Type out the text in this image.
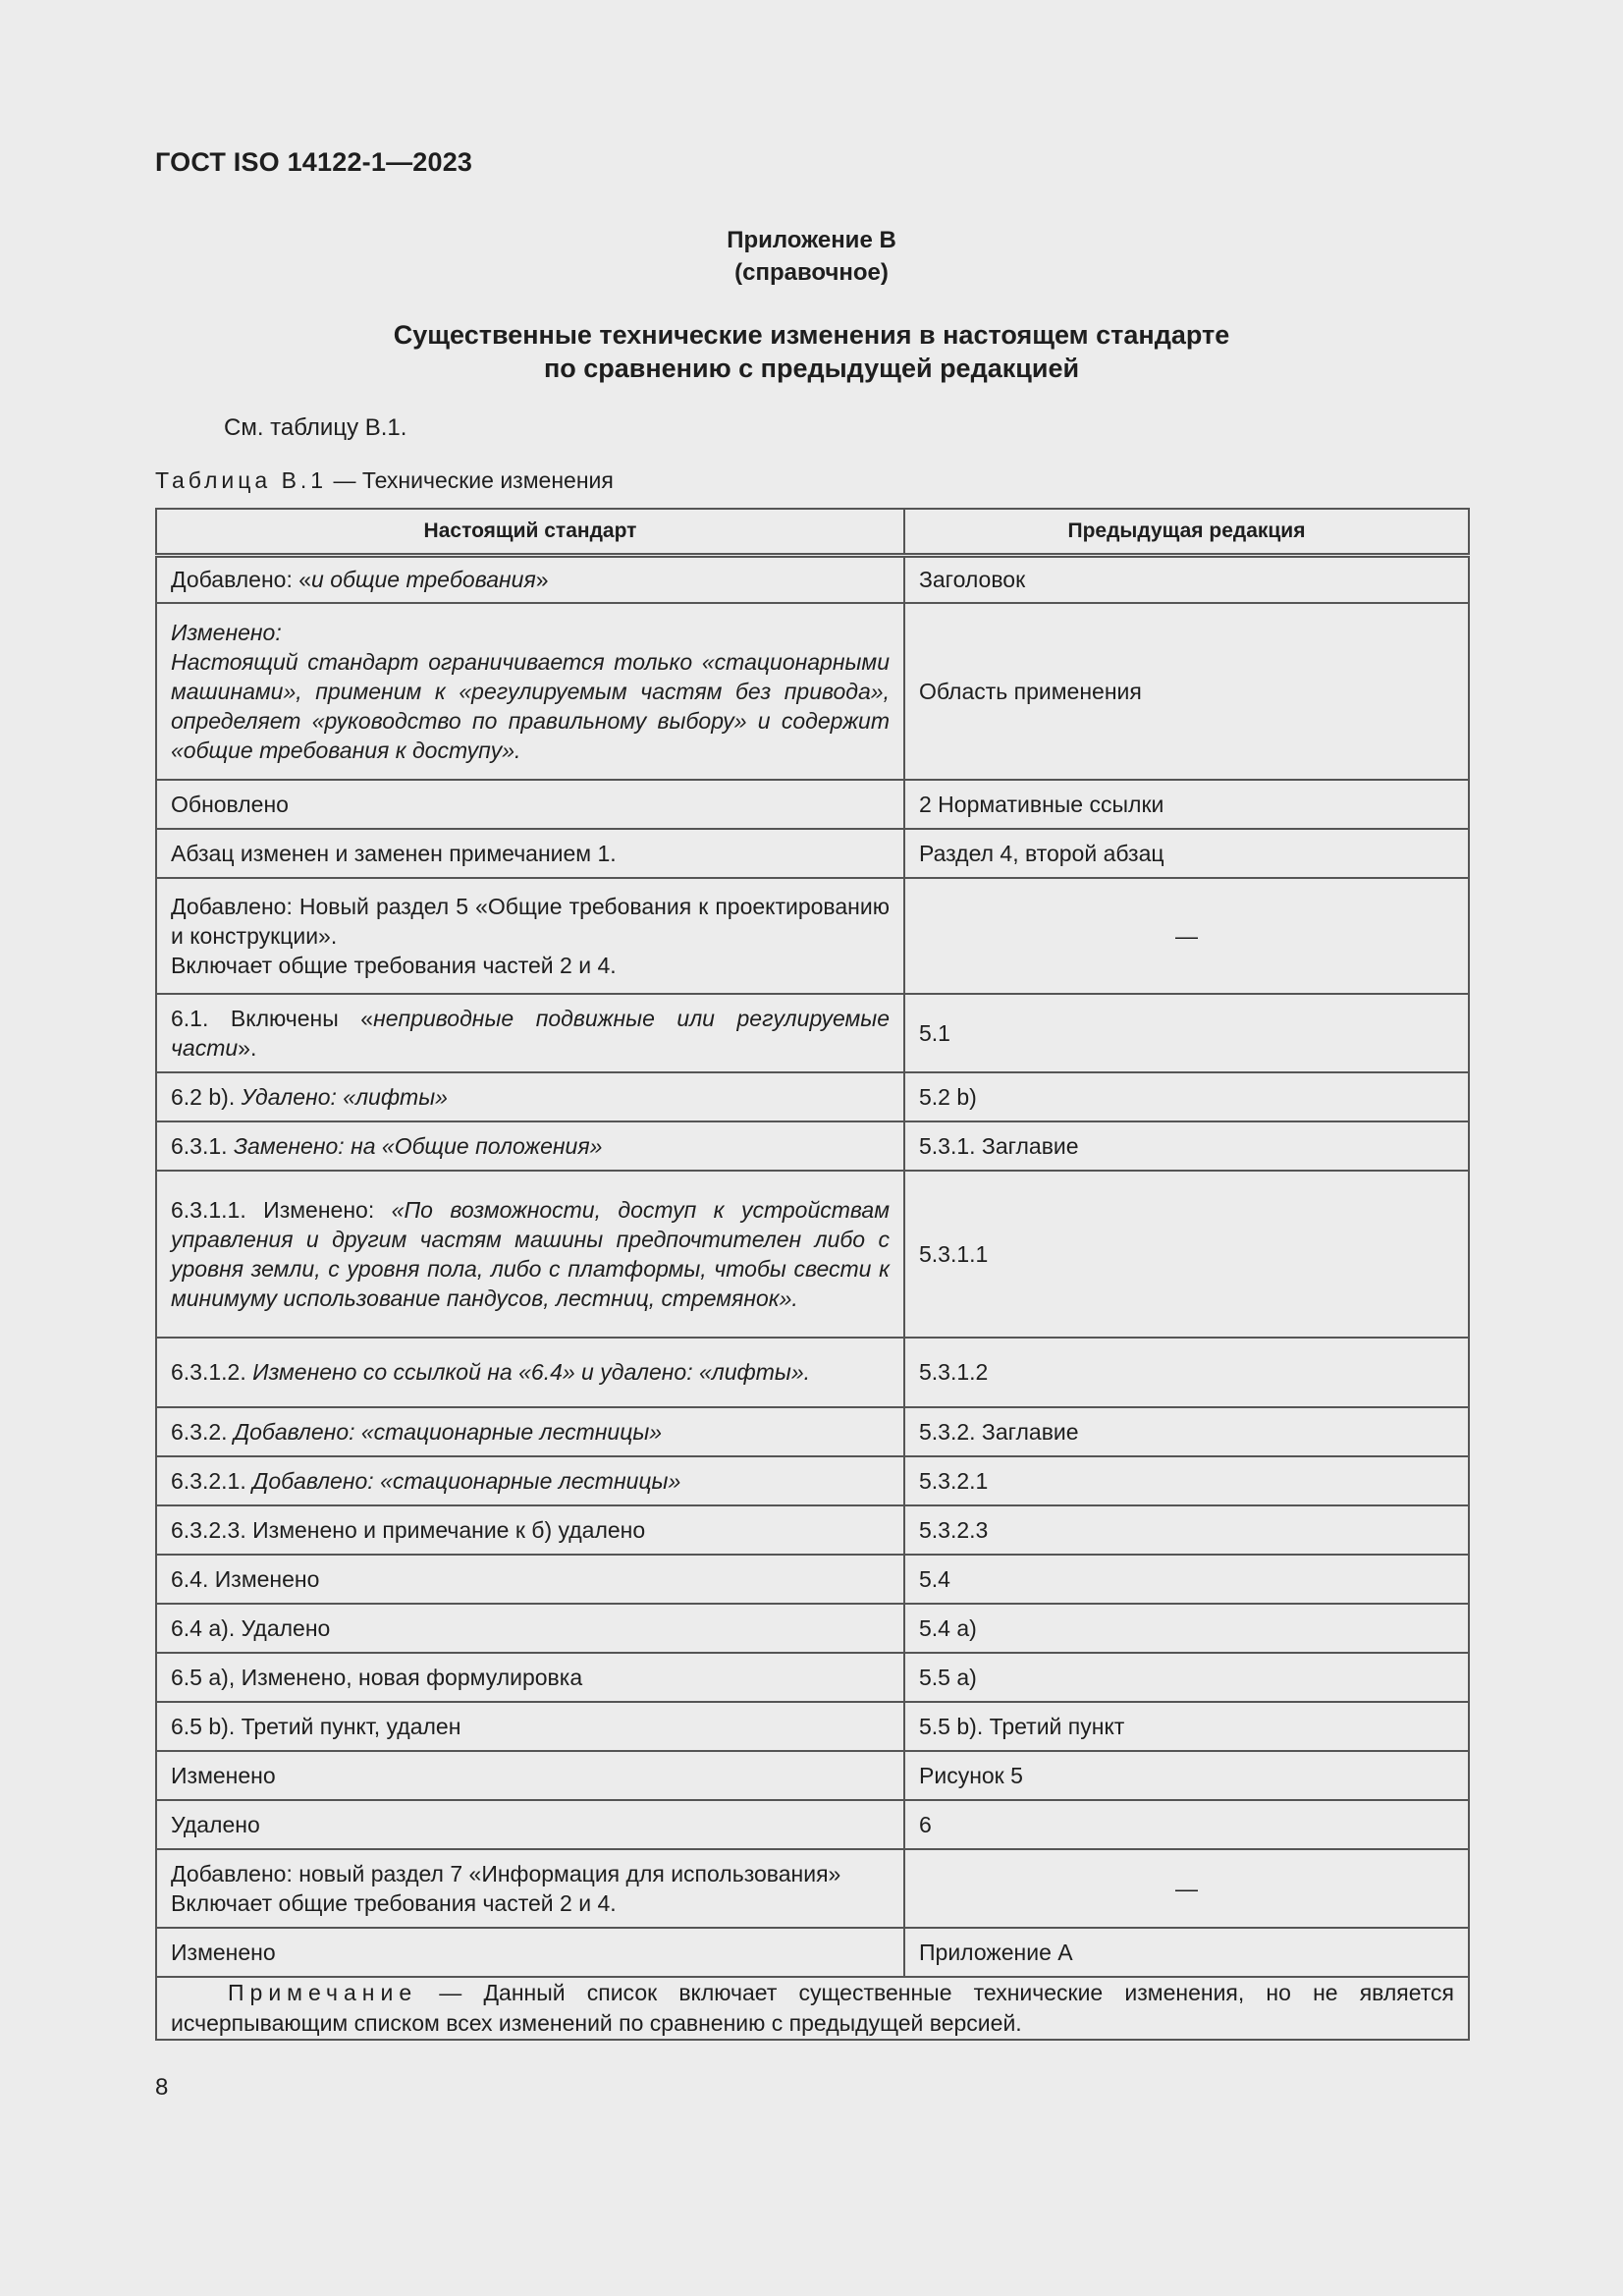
ГОСТ ISO 14122-1—2023
Приложение В
(справочное)
Существенные технические изменения в настоящем стандарте
по сравнению с предыдущей редакцией
См. таблицу В.1.
Таблица В.1 — Технические изменения
Настоящий стандарт	Предыдущая редакция
Добавлено: «и общие требования»	Заголовок
Изменено:
Настоящий стандарт ограничивается только «стационарными машинами», применим к «регулируемым частям без привода», определяет «руководство по правильному выбору» и содержит «общие требования к доступу».	Область применения
Обновлено	2 Нормативные ссылки
Абзац изменен и заменен примечанием 1.	Раздел 4, второй абзац
Добавлено: Новый раздел 5 «Общие требования к проектированию и конструкции».
Включает общие требования частей 2 и 4.	—
6.1. Включены «неприводные подвижные или регулируемые части».	5.1
6.2 b). Удалено: «лифты»	5.2 b)
6.3.1. Заменено: на «Общие положения»	5.3.1. Заглавие
6.3.1.1. Изменено: «По возможности, доступ к устройствам управления и другим частям машины предпочтителен либо с уровня земли, с уровня пола, либо с платформы, чтобы свести к минимуму использование пандусов, лестниц, стремянок».	5.3.1.1
6.3.1.2. Изменено со ссылкой на «6.4» и удалено: «лифты».	5.3.1.2
6.3.2. Добавлено: «стационарные лестницы»	5.3.2. Заглавие
6.3.2.1. Добавлено: «стационарные лестницы»	5.3.2.1
6.3.2.3. Изменено и примечание к б) удалено	5.3.2.3
6.4. Изменено	5.4
6.4 a). Удалено	5.4 a)
6.5 a), Изменено, новая формулировка	5.5 a)
6.5 b). Третий пункт, удален	5.5 b). Третий пункт
Изменено	Рисунок 5
Удалено	6
Добавлено: новый раздел 7 «Информация для использования»
Включает общие требования частей 2 и 4.	—
Изменено	Приложение А
Примечание — Данный список включает существенные технические изменения, но не является исчерпывающим списком всех изменений по сравнению с предыдущей версией.	
8
